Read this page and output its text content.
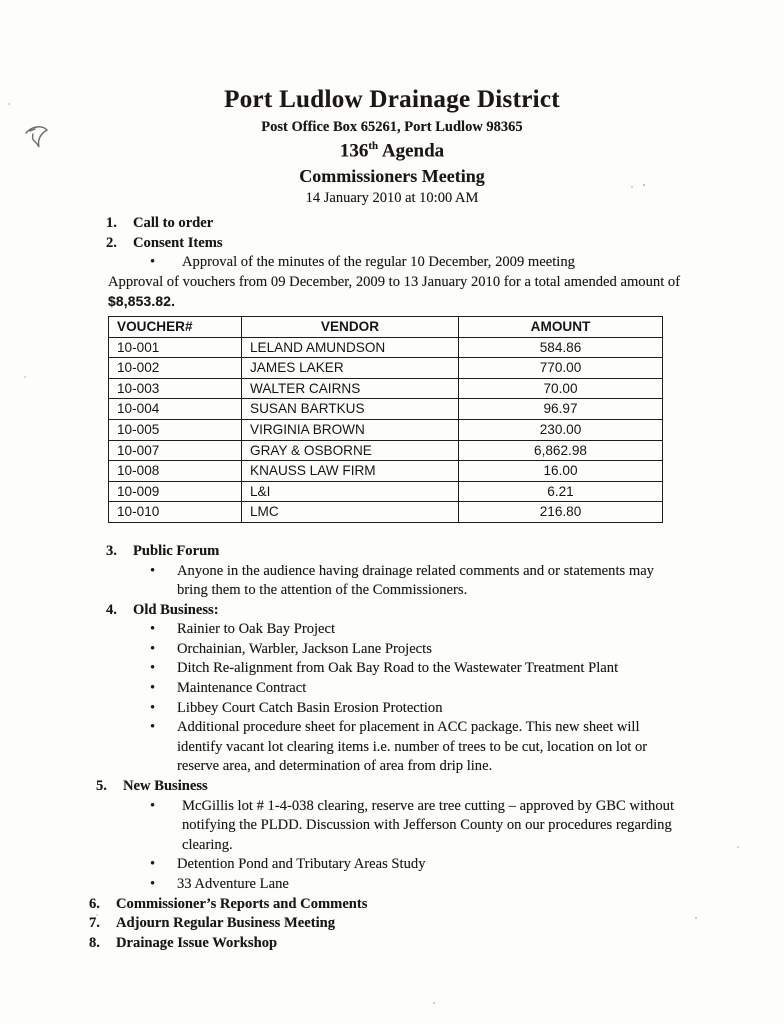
Port Ludlow Drainage District
Post Office Box 65261, Port Ludlow 98365
136th Agenda
Commissioners Meeting
14 January 2010 at 10:00 AM
1.	Call to order
2.	Consent Items
•	Approval of the minutes of the regular 10 December, 2009 meeting
Approval of vouchers from 09 December, 2009 to 13 January 2010 for a total amended amount of $8,853.82.
VOUCHER#	VENDOR	AMOUNT
10-001	LELAND AMUNDSON	584.86
10-002	JAMES LAKER	770.00
10-003	WALTER CAIRNS	70.00
10-004	SUSAN BARTKUS	96.97
10-005	VIRGINIA BROWN	230.00
10-007	GRAY & OSBORNE	6,862.98
10-008	KNAUSS LAW FIRM	16.00
10-009	L&I	6.21
10-010	LMC	216.80
3.	Public Forum
•	Anyone in the audience having drainage related comments and or statements may bring them to the attention of the Commissioners.
4.	Old Business:
•	Rainier to Oak Bay Project
•	Orchainian, Warbler, Jackson Lane Projects
•	Ditch Re-alignment from Oak Bay Road to the Wastewater Treatment Plant
•	Maintenance Contract
•	Libbey Court Catch Basin Erosion Protection
•	Additional procedure sheet for placement in ACC package. This new sheet will identify vacant lot clearing items i.e. number of trees to be cut, location on lot or reserve area, and determination of area from drip line.
5.	New Business
•	McGillis lot # 1-4-038 clearing, reserve are tree cutting – approved by GBC without notifying the PLDD. Discussion with Jefferson County on our procedures regarding clearing.
•	Detention Pond and Tributary Areas Study
•	33 Adventure Lane
6.	Commissioner’s Reports and Comments
7.	Adjourn Regular Business Meeting
8.	Drainage Issue Workshop
